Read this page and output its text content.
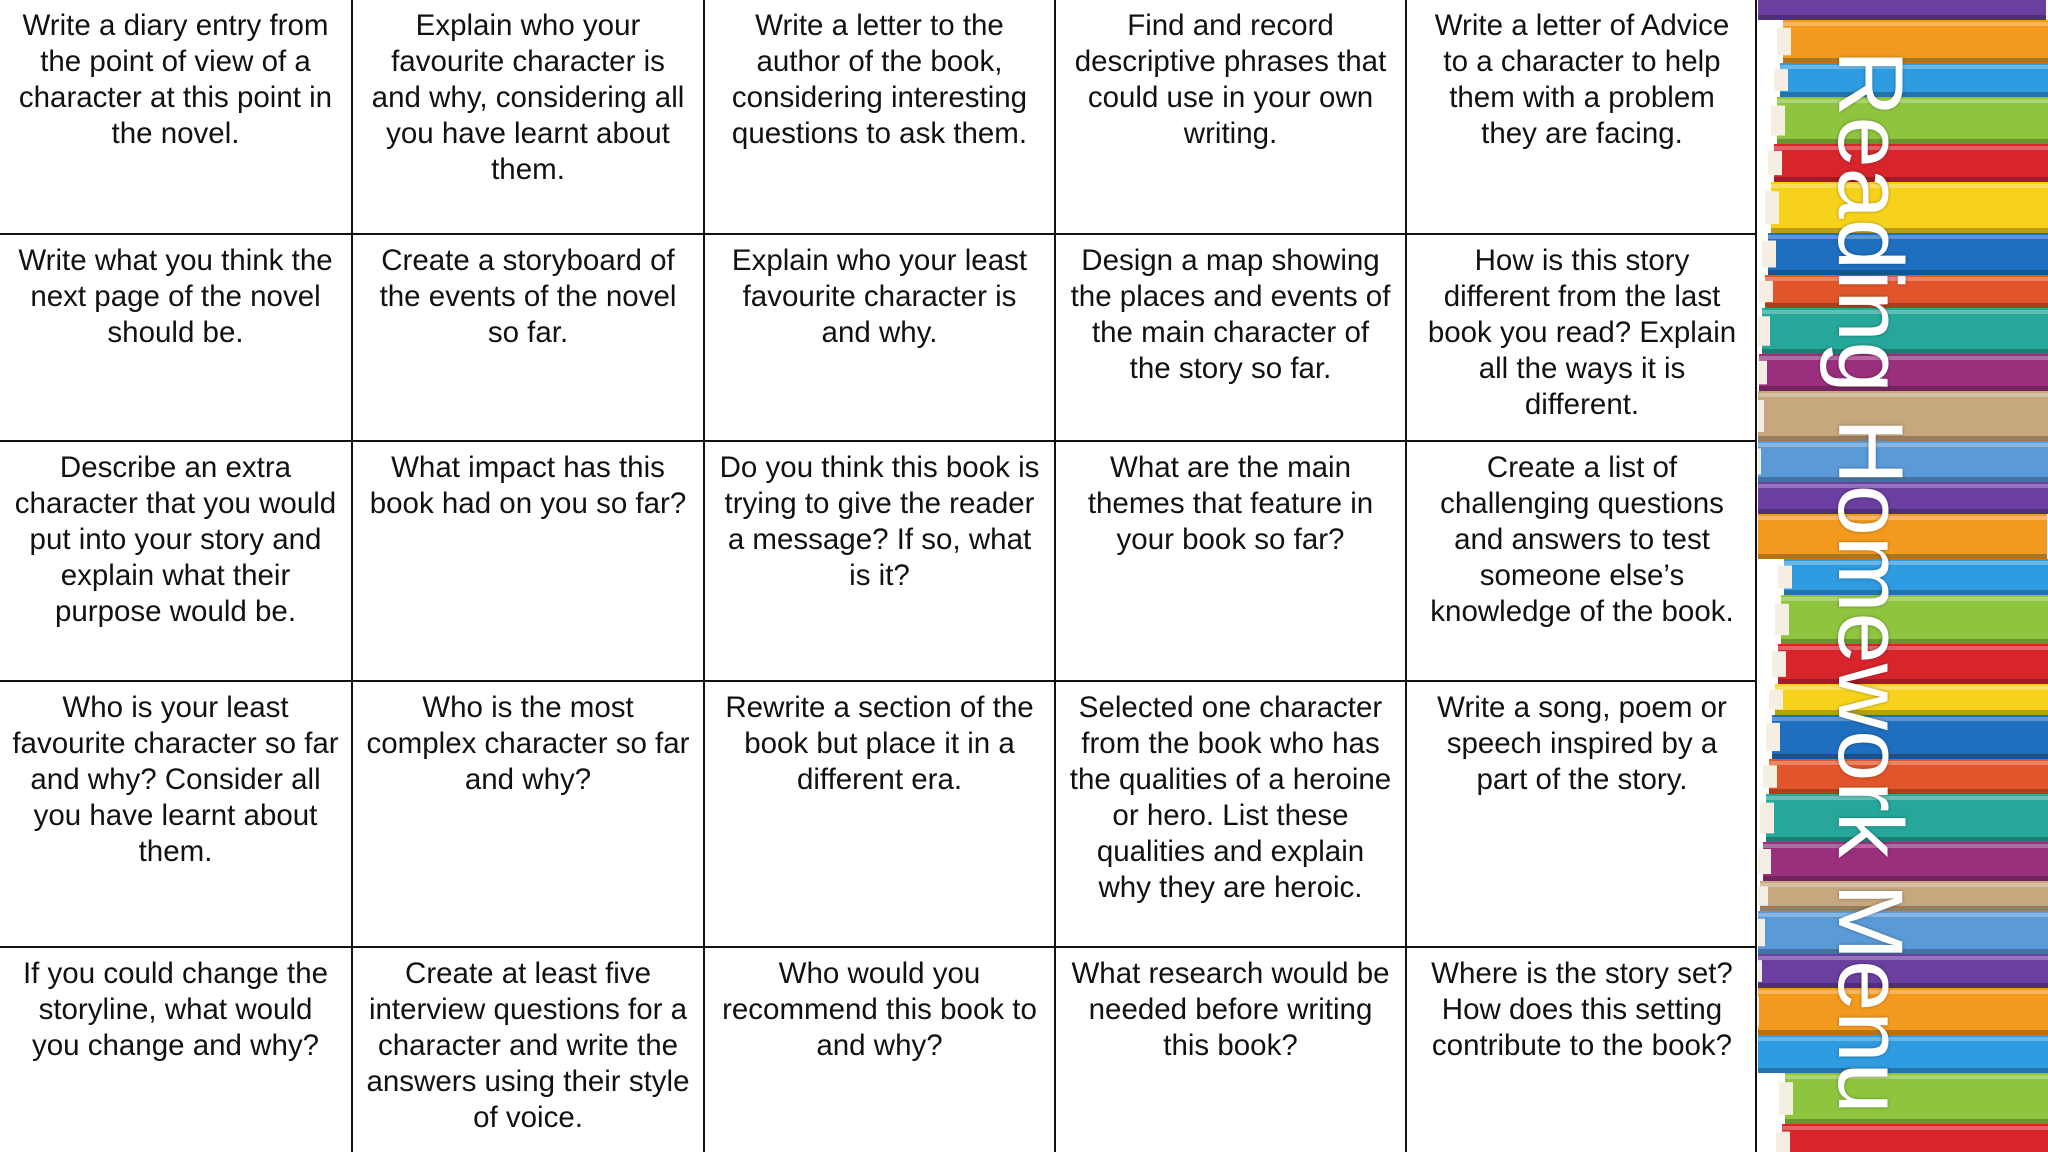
Write a diary entry from the point of view of a character at this point in the novel.
Explain who your favourite character is and why, considering all you have learnt about them.
Write a letter to the author of the book, considering interesting questions to ask them.
Find and record descriptive phrases that could use in your own writing.
Write a letter of Advice to a character to help them with a problem they are facing.
Write what you think the next page of the novel should be.
Create a storyboard of the events of the novel so far.
Explain who your least favourite character is and why.
Design a map showing the places and events of the main character of the story so far.
How is this story different from the last book you read? Explain all the ways it is different.
Describe an extra character that you would put into your story and explain what their purpose would be.
What impact has this book had on you so far?
Do you think this book is trying to give the reader a message? If so, what is it?
What are the main themes that feature in your book so far?
Create a list of challenging questions and answers to test someone else’s knowledge of the book.
Who is your least favourite character so far and why? Consider all you have learnt about them.
Who is the most complex character so far and why?
Rewrite a section of the book but place it in a different era.
Selected one character from the book who has the qualities of a heroine or hero. List these qualities and explain why they are heroic.
Write a song, poem or speech inspired by a part of the story.
If you could change the storyline, what would you change and why?
Create at least five interview questions for a character and write the answers using their style of voice.
Who would you recommend this book to and why?
What research would be needed before writing this book?
Where is the story set? How does this setting contribute to the book? Reading Homework Menu
